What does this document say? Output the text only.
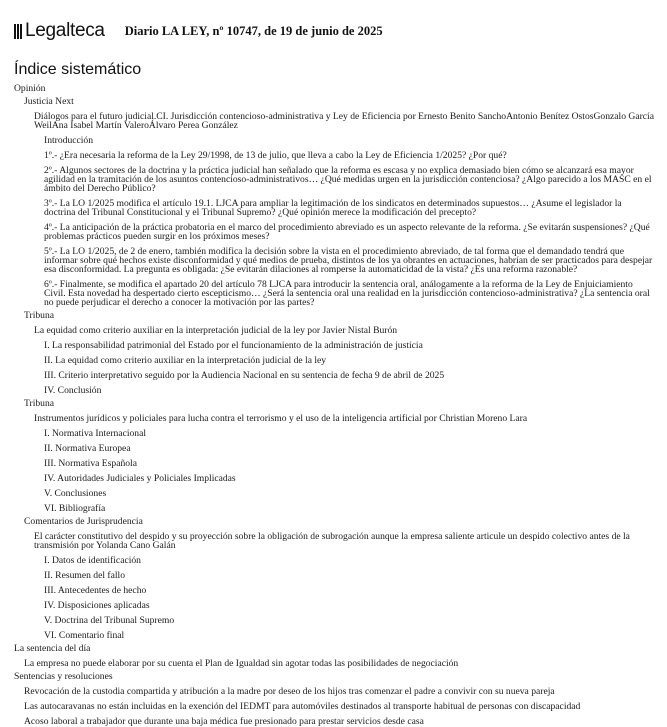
Legalteca Diario LA LEY, nº 10747, de 19 de junio de 2025
Índice sistemático
Opinión
Justicia Next
Diálogos para el futuro judicial.CI. Jurisdicción contencioso-administrativa y Ley de Eficiencia por Ernesto Benito SanchoAntonio Benítez OstosGonzalo García WeilAna Isabel Martín ValeroÁlvaro Perea González
Introducción
1º.- ¿Era necesaria la reforma de la Ley 29/1998, de 13 de julio, que lleva a cabo la Ley de Eficiencia 1/2025? ¿Por qué?
2º.- Algunos sectores de la doctrina y la práctica judicial han señalado que la reforma es escasa y no explica demasiado bien cómo se alcanzará esa mayor agilidad en la tramitación de los asuntos contencioso-administrativos… ¿Qué medidas urgen en la jurisdicción contenciosa? ¿Algo parecido a los MASC en el ámbito del Derecho Público?
3º.- La LO 1/2025 modifica el artículo 19.1. LJCA para ampliar la legitimación de los sindicatos en determinados supuestos… ¿Asume el legislador la doctrina del Tribunal Constitucional y el Tribunal Supremo? ¿Qué opinión merece la modificación del precepto?
4º.- La anticipación de la práctica probatoria en el marco del procedimiento abreviado es un aspecto relevante de la reforma. ¿Se evitarán suspensiones? ¿Qué problemas prácticos pueden surgir en los próximos meses?
5º.- La LO 1/2025, de 2 de enero, también modifica la decisión sobre la vista en el procedimiento abreviado, de tal forma que el demandado tendrá que informar sobre qué hechos existe disconformidad y qué medios de prueba, distintos de los ya obrantes en actuaciones, habrían de ser practicados para despejar esa disconformidad. La pregunta es obligada: ¿Se evitarán dilaciones al romperse la automaticidad de la vista? ¿Es una reforma razonable?
6º.- Finalmente, se modifica el apartado 20 del artículo 78 LJCA para introducir la sentencia oral, análogamente a la reforma de la Ley de Enjuiciamiento Civil. Esta novedad ha despertado cierto escepticismo… ¿Será la sentencia oral una realidad en la jurisdicción contencioso-administrativa? ¿La sentencia oral no puede perjudicar el derecho a conocer la motivación por las partes?
Tribuna
La equidad como criterio auxiliar en la interpretación judicial de la ley por Javier Nistal Burón
I. La responsabilidad patrimonial del Estado por el funcionamiento de la administración de justicia
II. La equidad como criterio auxiliar en la interpretación judicial de la ley
III. Criterio interpretativo seguido por la Audiencia Nacional en su sentencia de fecha 9 de abril de 2025
IV. Conclusión
Tribuna
Instrumentos jurídicos y policiales para lucha contra el terrorismo y el uso de la inteligencia artificial por Christian Moreno Lara
I. Normativa Internacional
II. Normativa Europea
III. Normativa Española
IV. Autoridades Judiciales y Policiales Implicadas
V. Conclusiones
VI. Bibliografía
Comentarios de Jurisprudencia
El carácter constitutivo del despido y su proyección sobre la obligación de subrogación aunque la empresa saliente articule un despido colectivo antes de la transmisión por Yolanda Cano Galán
I. Datos de identificación
II. Resumen del fallo
III. Antecedentes de hecho
IV. Disposiciones aplicadas
V. Doctrina del Tribunal Supremo
VI. Comentario final
La sentencia del día
La empresa no puede elaborar por su cuenta el Plan de Igualdad sin agotar todas las posibilidades de negociación
Sentencias y resoluciones
Revocación de la custodia compartida y atribución a la madre por deseo de los hijos tras comenzar el padre a convivir con su nueva pareja
Las autocaravanas no están incluidas en la exención del IEDMT para automóviles destinados al transporte habitual de personas con discapacidad
Acoso laboral a trabajador que durante una baja médica fue presionado para prestar servicios desde casa
